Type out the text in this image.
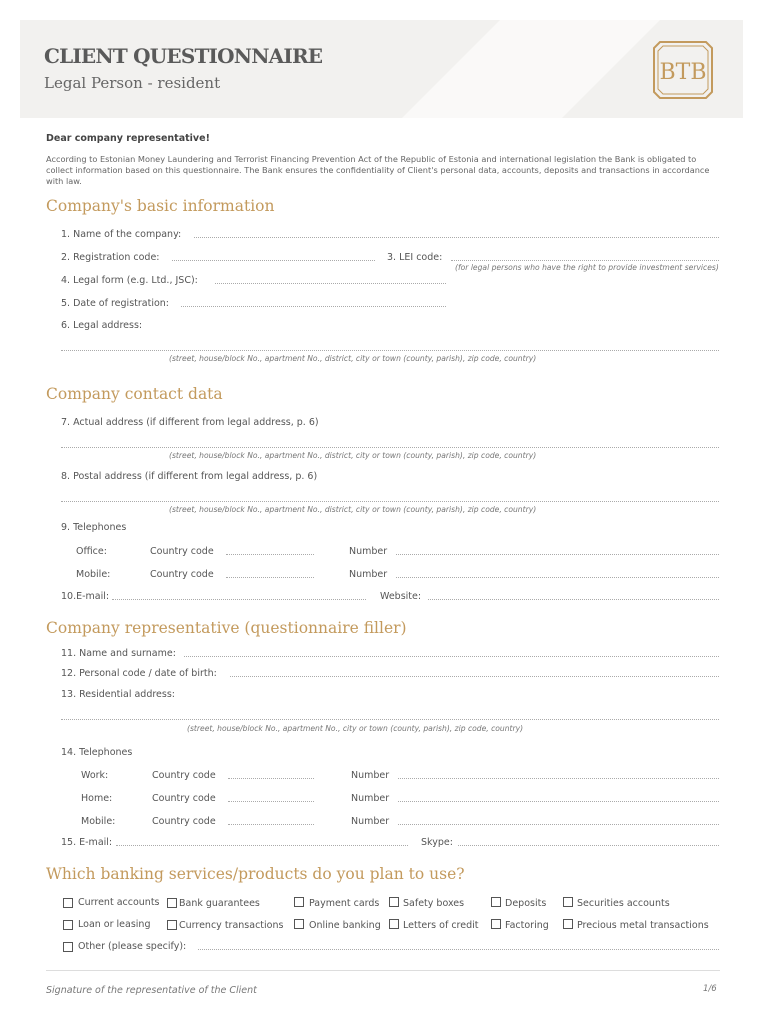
CLIENT QUESTIONNAIRE
Legal Person - resident	BTB
Dear company representative!
According to Estonian Money Laundering and Terrorist Financing Prevention Act of the Republic of Estonia and international legislation the Bank is obligated to collect information based on this questionnaire. The Bank ensures the confidentiality of Client's personal data, accounts, deposits and transactions in accordance with law.
Company's basic information
1. Name of the company:
2. Registration code:	3. LEI code:
(for legal persons who have the right to provide investment services)
4. Legal form (e.g. Ltd., JSC):
5. Date of registration:
6. Legal address:
(street, house/block No., apartment No., district, city or town (county, parish), zip code, country)
Company contact data
7. Actual address (if different from legal address, p. 6)
(street, house/block No., apartment No., district, city or town (county, parish), zip code, country)
8. Postal address (if different from legal address, p. 6)
(street, house/block No., apartment No., district, city or town (county, parish), zip code, country)
9. Telephones
Office:	Country code	Number
Mobile:	Country code	Number
10.E-mail:	Website:
Company representative (questionnaire filler)
11. Name and surname:
12. Personal code / date of birth:
13. Residential address:
(street, house/block No., apartment No., city or town (county, parish), zip code, country)
14. Telephones
Work:	Country code	Number
Home:	Country code	Number
Mobile:	Country code	Number
15. E-mail:	Skype:
Which banking services/products do you plan to use?
Current accounts Bank guarantees	Payment cards Safety boxes	Deposits	Securities accounts
Loan or leasing	Currency transactions	Online banking Letters of credit	Factoring	Precious metal transactions
Other (please specify):
Signature of the representative of the Client	1/6
